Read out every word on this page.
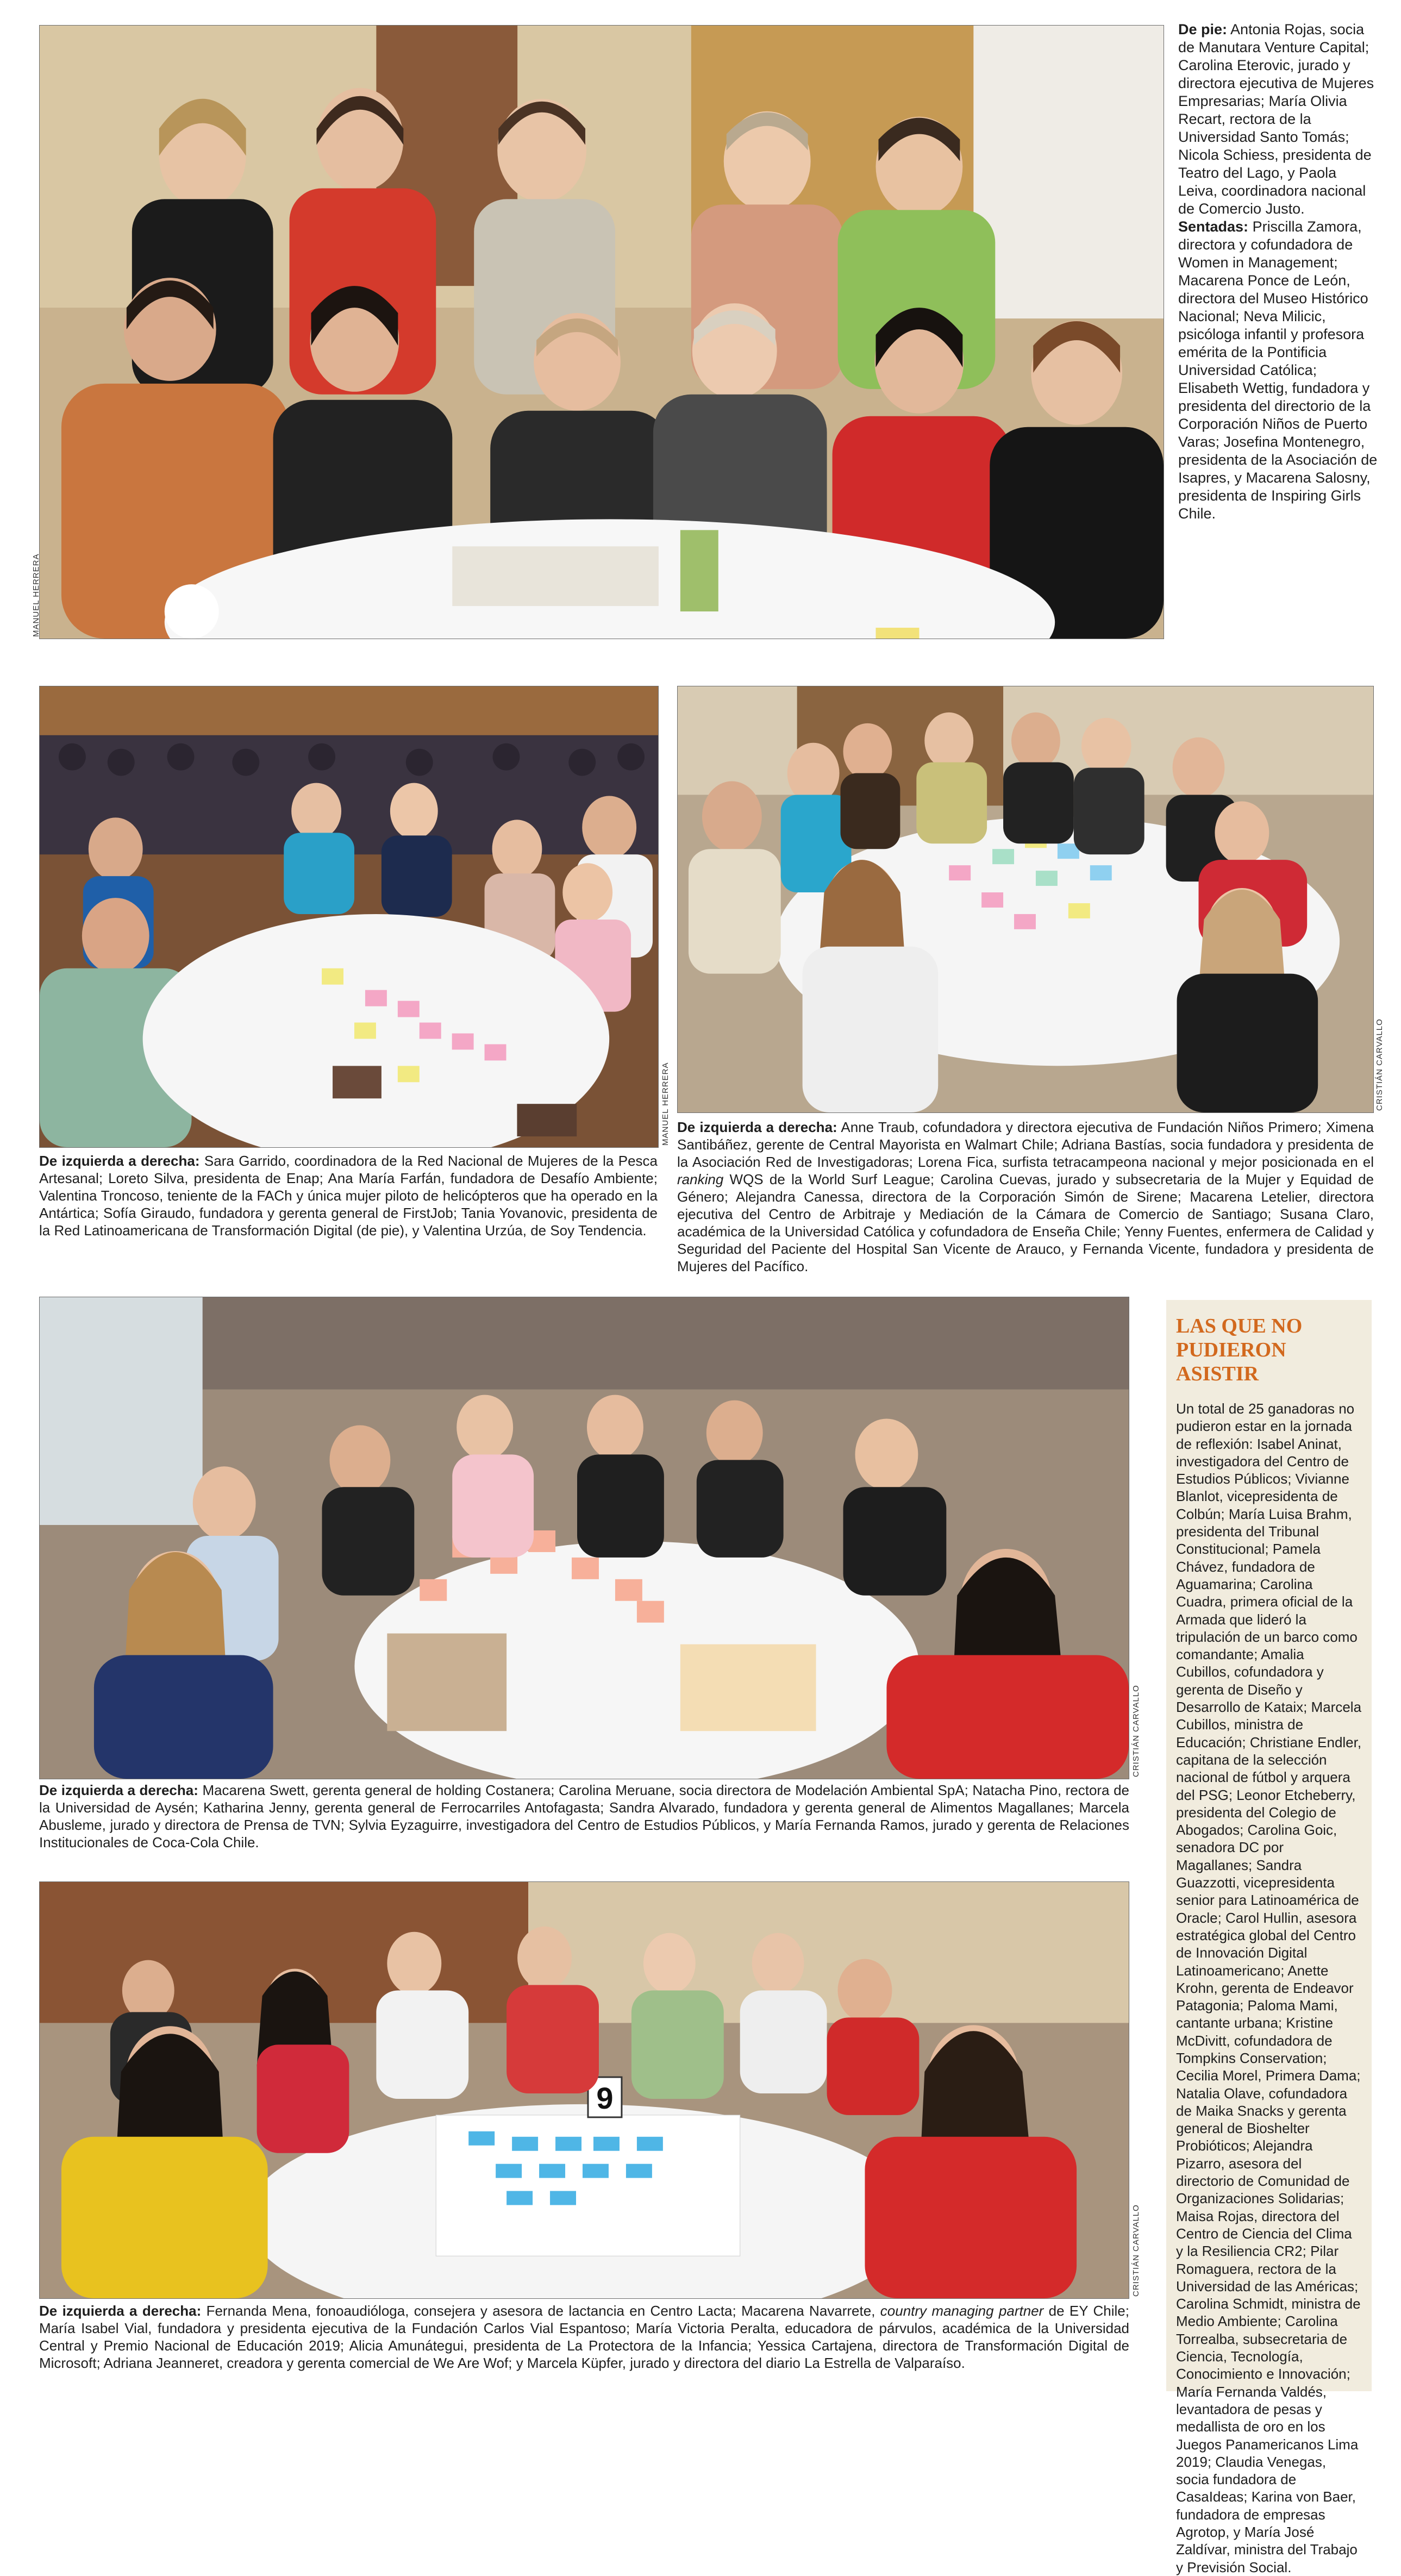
MANUEL HERRERA

De pie: Antonia Rojas, socia de Manutara Venture Capital; Carolina Eterovic, jurado y directora ejecutiva de Mujeres Empresarias; María Olivia Recart, rectora de la Universidad Santo Tomás; Nicola Schiess, presidenta de Teatro del Lago, y Paola Leiva, coordinadora nacional de Comercio Justo. Sentadas: Priscilla Zamora, directora y cofundadora de Women in Management; Macarena Ponce de León, directora del Museo Histórico Nacional; Neva Milicic, psicóloga infantil y profesora emérita de la Pontificia Universidad Católica; Elisabeth Wettig, fundadora y presidenta del directorio de la Corporación Niños de Puerto Varas; Josefina Montenegro, presidenta de la Asociación de Isapres, y Macarena Salosny, presidenta de Inspiring Girls Chile.

MANUEL HERRERA

De izquierda a derecha: Sara Garrido, coordinadora de la Red Nacional de Mujeres de la Pesca Artesanal; Loreto Silva, presidenta de Enap; Ana María Farfán, fundadora de Desafío Ambiente; Valentina Troncoso, teniente de la FACh y única mujer piloto de helicópteros que ha operado en la Antártica; Sofía Giraudo, fundadora y gerenta general de FirstJob; Tania Yovanovic, presidenta de la Red Latinoamericana de Transformación Digital (de pie), y Valentina Urzúa, de Soy Tendencia.

CRISTIÁN CARVALLO

De izquierda a derecha: Anne Traub, cofundadora y directora ejecutiva de Fundación Niños Primero; Ximena Santibáñez, gerente de Central Mayorista en Walmart Chile; Adriana Bastías, socia fundadora y presidenta de la Asociación Red de Investigadoras; Lorena Fica, surfista tetracampeona nacional y mejor posicionada en el ranking WQS de la World Surf League; Carolina Cuevas, jurado y subsecretaria de la Mujer y Equidad de Género; Alejandra Canessa, directora de la Corporación Simón de Sirene; Macarena Letelier, directora ejecutiva del Centro de Arbitraje y Mediación de la Cámara de Comercio de Santiago; Susana Claro, académica de la Universidad Católica y cofundadora de Enseña Chile; Yenny Fuentes, enfermera de Calidad y Seguridad del Paciente del Hospital San Vicente de Arauco, y Fernanda Vicente, fundadora y presidenta de Mujeres del Pacífico.

CRISTIÁN CARVALLO

De izquierda a derecha: Macarena Swett, gerenta general de holding Costanera; Carolina Meruane, socia directora de Modelación Ambiental SpA; Natacha Pino, rectora de la Universidad de Aysén; Katharina Jenny, gerenta general de Ferrocarriles Antofagasta; Sandra Alvarado, fundadora y gerenta general de Alimentos Magallanes; Marcela Abusleme, jurado y directora de Prensa de TVN; Sylvia Eyzaguirre, investigadora del Centro de Estudios Públicos, y María Fernanda Ramos, jurado y gerenta de Relaciones Institucionales de Coca-Cola Chile.

9
CRISTIÁN CARVALLO

De izquierda a derecha: Fernanda Mena, fonoaudióloga, consejera y asesora de lactancia en Centro Lacta; Macarena Navarrete, country managing partner de EY Chile; María Isabel Vial, fundadora y presidenta ejecutiva de la Fundación Carlos Vial Espantoso; María Victoria Peralta, educadora de párvulos, académica de la Universidad Central y Premio Nacional de Educación 2019; Alicia Amunátegui, presidenta de La Protectora de la Infancia; Yessica Cartajena, directora de Transformación Digital de Microsoft; Adriana Jeanneret, creadora y gerenta comercial de We Are Wof; y Marcela Küpfer, jurado y directora del diario La Estrella de Valparaíso.

LAS QUE NO PUDIERON ASISTIR

Un total de 25 ganadoras no pudieron estar en la jornada de reflexión: Isabel Aninat, investigadora del Centro de Estudios Públicos; Vivianne Blanlot, vicepresidenta de Colbún; María Luisa Brahm, presidenta del Tribunal Constitucional; Pamela Chávez, fundadora de Aguamarina; Carolina Cuadra, primera oficial de la Armada que lideró la tripulación de un barco como comandante; Amalia Cubillos, cofundadora y gerenta de Diseño y Desarrollo de Kataix; Marcela Cubillos, ministra de Educación; Christiane Endler, capitana de la selección nacional de fútbol y arquera del PSG; Leonor Etcheberry, presidenta del Colegio de Abogados; Carolina Goic, senadora DC por Magallanes; Sandra Guazzotti, vicepresidenta senior para Latinoamérica de Oracle; Carol Hullin, asesora estratégica global del Centro de Innovación Digital Latinoamericano; Anette Krohn, gerenta de Endeavor Patagonia; Paloma Mami, cantante urbana; Kristine McDivitt, cofundadora de Tompkins Conservation; Cecilia Morel, Primera Dama; Natalia Olave, cofundadora de Maika Snacks y gerenta general de Bioshelter Probióticos; Alejandra Pizarro, asesora del directorio de Comunidad de Organizaciones Solidarias; Maisa Rojas, directora del Centro de Ciencia del Clima y la Resiliencia CR2; Pilar Romaguera, rectora de la Universidad de las Américas; Carolina Schmidt, ministra de Medio Ambiente; Carolina Torrealba, subsecretaria de Ciencia, Tecnología, Conocimiento e Innovación; María Fernanda Valdés, levantadora de pesas y medallista de oro en los Juegos Panamericanos Lima 2019; Claudia Venegas, socia fundadora de CasaIdeas; Karina von Baer, fundadora de empresas Agrotop, y María José Zaldívar, ministra del Trabajo y Previsión Social.
